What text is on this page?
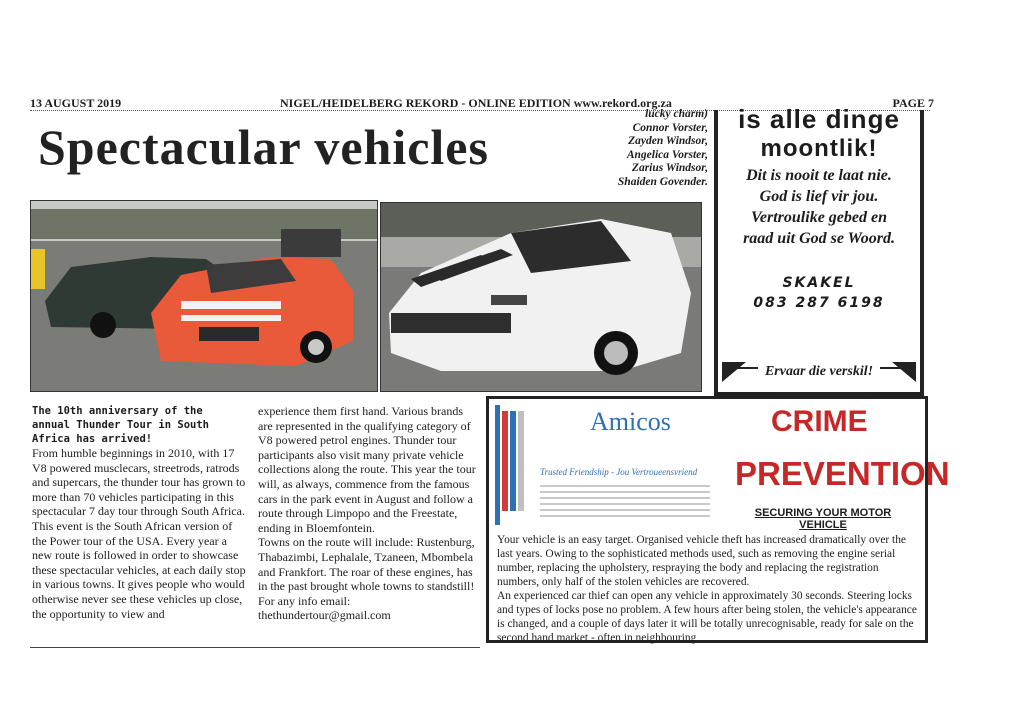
13 AUGUST 2019	NIGEL/HEIDELBERG REKORD - ONLINE EDITION www.rekord.org.za	PAGE 7
Spectacular vehicles
lucky charm)
Connor Vorster,
Zayden Windsor,
Angelica Vorster,
Zarius Windsor,
Shaiden Govender.

The 10th anniversary of the annual Thunder Tour in South Africa has arrived!

From humble beginnings in 2010, with 17 V8 powered musclecars, streetrods, ratrods and supercars, the thunder tour has grown to more than 70 vehicles participating in this spectacular 7 day tour through South Africa.

This event is the South African version of the Power tour of the USA. Every year a new route is followed in order to showcase these spectacular vehicles, at each daily stop in various towns. It gives people who would otherwise never see these vehicles up close, the opportunity to view and

experience them first hand. Various brands are represented in the qualifying category of V8 powered petrol engines. Thunder tour participants also visit many private vehicle collections along the route. This year the tour will, as always, commence from the famous cars in the park event in August and follow a route through Limpopo and the Freestate, ending in Bloemfontein.

Towns on the route will include: Rustenburg, Thabazimbi, Lephalale, Tzaneen, Mbombela and Frankfort. The roar of these engines, has in the past brought whole towns to standstill! For any info email: thethundertour@gmail.com

is alle dinge
moontlik!
Dit is nooit te laat nie.
God is lief vir jou.
Vertroulike gebed en
raad uit God se Woord.
SKAKEL
083 287 6198
Ervaar die verskil!
Amicos
Trusted Friendship - Jou Vertroueensvriend
CRIME
PREVENTION
SECURING YOUR MOTOR VEHICLE

Your vehicle is an easy target. Organised vehicle theft has increased dramatically over the last years. Owing to the sophisticated methods used, such as removing the engine serial number, replacing the upholstery, respraying the body and replacing the registration numbers, only half of the stolen vehicles are recovered.

An experienced car thief can open any vehicle in approximately 30 seconds. Steering locks and types of locks pose no problem. A few hours after being stolen, the vehicle's appearance is changed, and a couple of days later it will be totally unrecognisable, ready for sale on the second hand market - often in neighbouring
